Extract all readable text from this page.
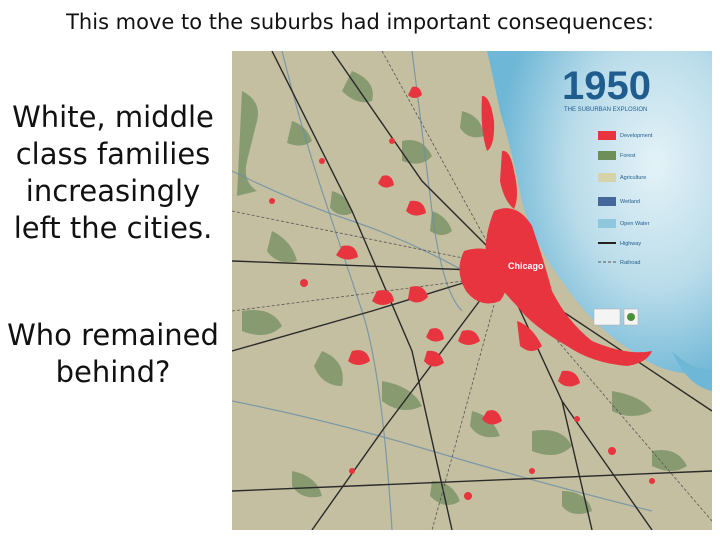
This move to the suburbs had important consequences:
White, middle class families increasingly left the cities.
Who remained behind?
Chicago
1950
THE SUBURBAN EXPLOSION
Development
Forest
Agriculture
Wetland
Open Water
Highway
Railroad
